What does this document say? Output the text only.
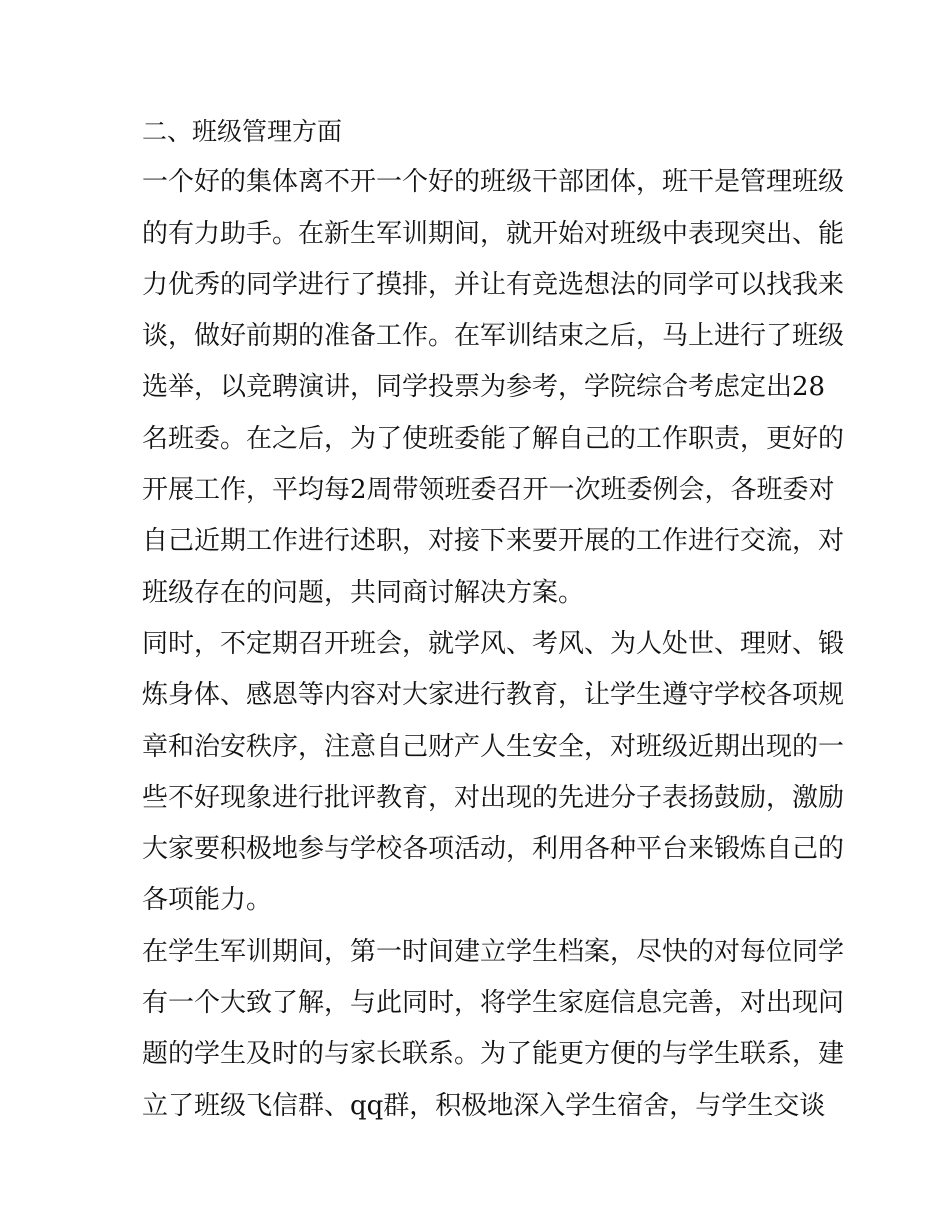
二、班级管理方面
一个好的集体离不开一个好的班级干部团体，班干是管理班级
的有力助手。在新生军训期间，就开始对班级中表现突出、能
力优秀的同学进行了摸排，并让有竞选想法的同学可以找我来
谈，做好前期的准备工作。在军训结束之后，马上进行了班级
选举，以竞聘演讲，同学投票为参考，学院综合考虑定出28
名班委。在之后，为了使班委能了解自己的工作职责，更好的
开展工作，平均每2周带领班委召开一次班委例会，各班委对
自己近期工作进行述职，对接下来要开展的工作进行交流，对
班级存在的问题，共同商讨解决方案。
同时，不定期召开班会，就学风、考风、为人处世、理财、锻
炼身体、感恩等内容对大家进行教育，让学生遵守学校各项规
章和治安秩序，注意自己财产人生安全，对班级近期出现的一
些不好现象进行批评教育，对出现的先进分子表扬鼓励，激励
大家要积极地参与学校各项活动，利用各种平台来锻炼自己的
各项能力。
在学生军训期间，第一时间建立学生档案，尽快的对每位同学
有一个大致了解，与此同时，将学生家庭信息完善，对出现问
题的学生及时的与家长联系。为了能更方便的与学生联系，建
立了班级飞信群、qq群，积极地深入学生宿舍，与学生交谈
